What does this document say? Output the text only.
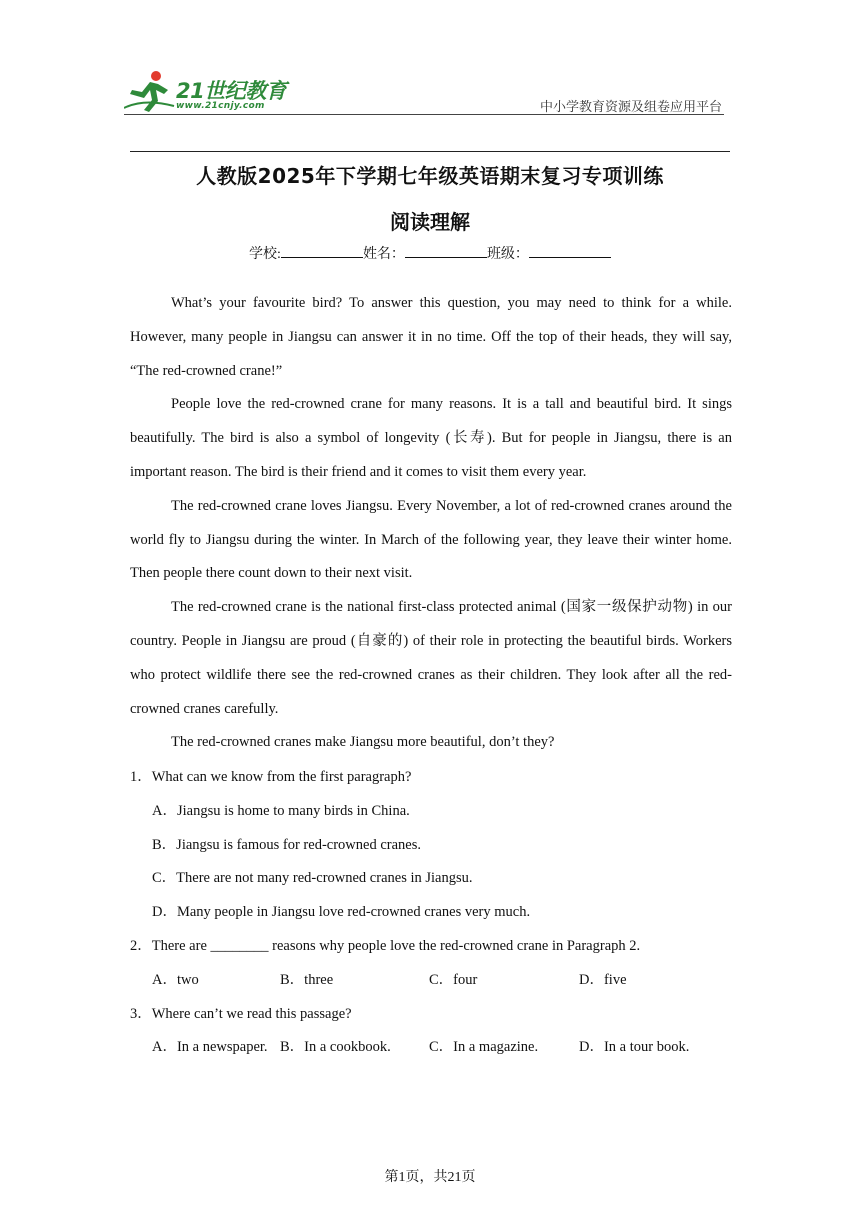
21世纪教育
www.21cnjy.com	中小学教育资源及组卷应用平台
人教版2025年下学期七年级英语期末复习专项训练
阅读理解
学校:	姓名：	班级：

What’s your favourite bird? To answer this question, you may need to think for a while. However, many people in Jiangsu can answer it in no time. Off the top of their heads, they will say, “The red-crowned crane!”

People love the red-crowned crane for many reasons. It is a tall and beautiful bird. It sings beautifully. The bird is also a symbol of longevity (长寿). But for people in Jiangsu, there is an important reason. The bird is their friend and it comes to visit them every year.

The red-crowned crane loves Jiangsu. Every November, a lot of red-crowned cranes around the world fly to Jiangsu during the winter. In March of the following year, they leave their winter home. Then people there count down to their next visit.

The red-crowned crane is the national first-class protected animal (国家一级保护动物) in our country. People in Jiangsu are proud (自豪的) of their role in protecting the beautiful birds. Workers who protect wildlife there see the red-crowned cranes as their children. They look after all the red-crowned cranes carefully.

The red-crowned cranes make Jiangsu more beautiful, don’t they?

1．What can we know from the first paragraph?
A．Jiangsu is home to many birds in China.
B．Jiangsu is famous for red-crowned cranes.
C．There are not many red-crowned cranes in Jiangsu.
D．Many people in Jiangsu love red-crowned cranes very much.
2．There are ________ reasons why people love the red-crowned crane in Paragraph 2.
A．two	B．three	C．four	D．five
3．Where can’t we read this passage?
A．In a newspaper. B．In a cookbook.	C．In a magazine.	D．In a tour book.
第1页，共21页
